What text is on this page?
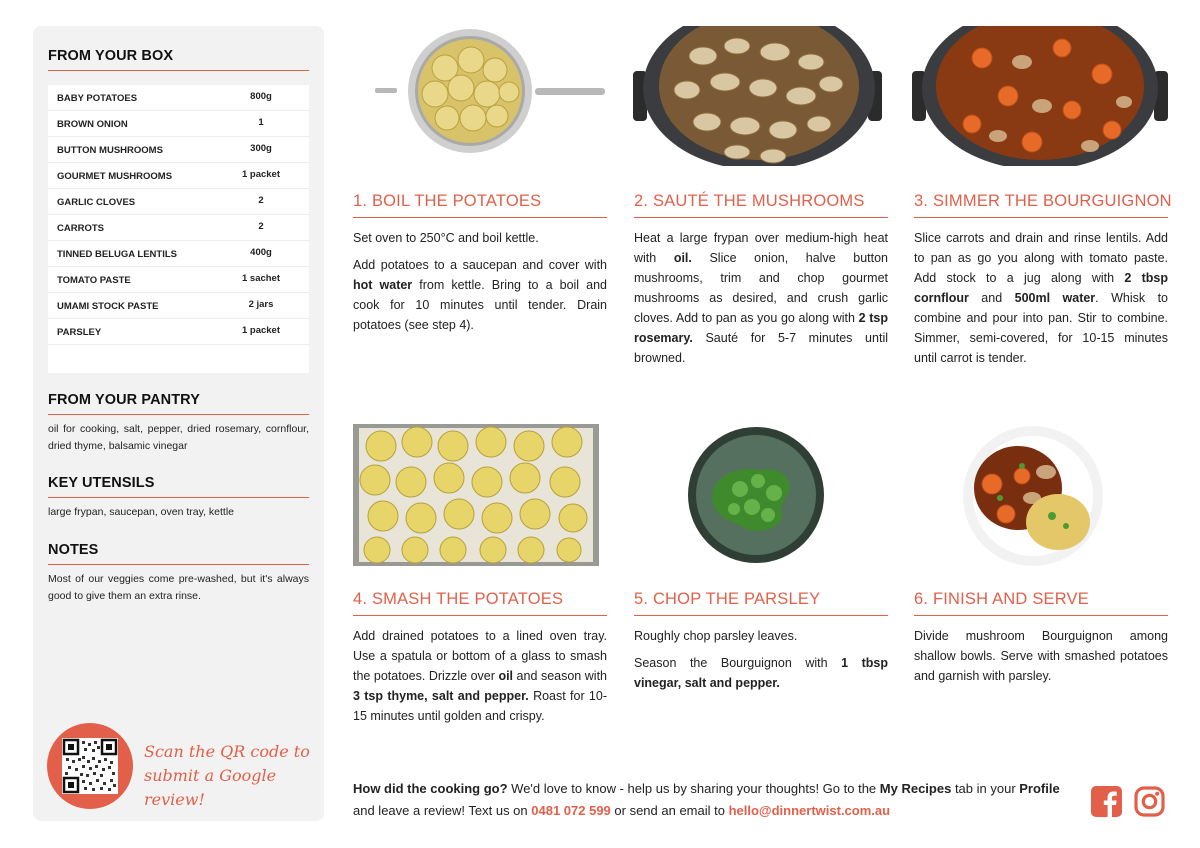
FROM YOUR BOX
BABY POTATOES	800g
BROWN ONION	1
BUTTON MUSHROOMS	300g
GOURMET MUSHROOMS	1 packet
GARLIC CLOVES	2
CARROTS	2
TINNED BELUGA LENTILS	400g
TOMATO PASTE	1 sachet
UMAMI STOCK PASTE	2 jars
PARSLEY	1 packet
FROM YOUR PANTRY
oil for cooking, salt, pepper, dried rosemary, cornflour, dried thyme, balsamic vinegar
KEY UTENSILS
large frypan, saucepan, oven tray, kettle
NOTES
Most of our veggies come pre-washed, but it's always good to give them an extra rinse.
Scan the QR code to
submit a Google review!
1. BOIL THE POTATOES

Set oven to 250°C and boil kettle.

Add potatoes to a saucepan and cover with hot water from kettle. Bring to a boil and cook for 10 minutes until tender. Drain potatoes (see step 4).

4. SMASH THE POTATOES

Add drained potatoes to a lined oven tray. Use a spatula or bottom of a glass to smash the potatoes. Drizzle over oil and season with 3 tsp thyme, salt and pepper. Roast for 10-15 minutes until golden and crispy.

2. SAUTÉ THE MUSHROOMS

Heat a large frypan over medium-high heat with oil. Slice onion, halve button mushrooms, trim and chop gourmet mushrooms as desired, and crush garlic cloves. Add to pan as you go along with 2 tsp rosemary. Sauté for 5-7 minutes until browned.

5. CHOP THE PARSLEY

Roughly chop parsley leaves.

Season the Bourguignon with 1 tbsp vinegar, salt and pepper.

3. SIMMER THE BOURGUIGNON

Slice carrots and drain and rinse lentils. Add to pan as go you along with tomato paste. Add stock to a jug along with 2 tbsp cornflour and 500ml water. Whisk to combine and pour into pan. Stir to combine. Simmer, semi-covered, for 10-15 minutes until carrot is tender.

6. FINISH AND SERVE

Divide mushroom Bourguignon among shallow bowls. Serve with smashed potatoes and garnish with parsley.

How did the cooking go? We'd love to know - help us by sharing your thoughts! Go to the My Recipes tab in your Profile and leave a review! Text us on 0481 072 599 or send an email to hello@dinnertwist.com.au
